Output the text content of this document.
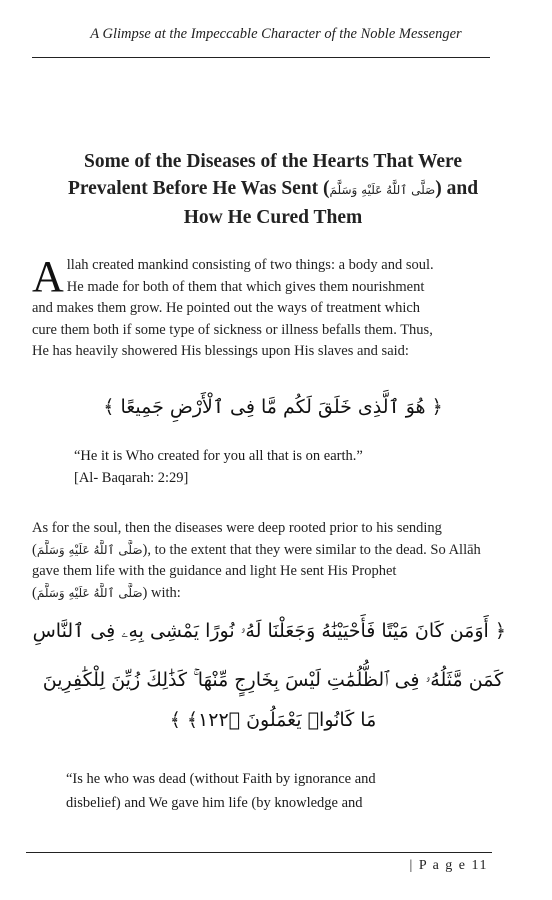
A Glimpse at the Impeccable Character of the Noble Messenger
Some of the Diseases of the Hearts That Were
Prevalent Before He Was Sent (صَلَّى ٱللَّهُ عَلَيْهِ وَسَلَّمَ) and
How He Cured Them
A llah created mankind consisting of two things: a body and soul.
He made for both of them that which gives them nourishment
and makes them grow. He pointed out the ways of treatment which
cure them both if some type of sickness or illness befalls them. Thus,
He has heavily showered His blessings upon His slaves and said:
﴿ هُوَ ٱلَّذِى خَلَقَ لَكُم مَّا فِى ٱلْأَرْضِ جَمِيعًا ﴾
“He it is Who created for you all that is on earth.”
[Al- Baqarah: 2:29]
As for the soul, then the diseases were deep rooted prior to his sending
(صَلَّى ٱللَّهُ عَلَيْهِ وَسَلَّمَ), to the extent that they were similar to the dead. So Allāh
gave them life with the guidance and light He sent His Prophet
(صَلَّى ٱللَّهُ عَلَيْهِ وَسَلَّمَ) with:
﴿ أَوَمَن كَانَ مَيْتًا فَأَحْيَيْنَٰهُ وَجَعَلْنَا لَهُۥ نُورًا يَمْشِى بِهِۦ فِى ٱلنَّاسِ
كَمَن مَّثَلُهُۥ فِى ٱلظُّلُمَٰتِ لَيْسَ بِخَارِجٍ مِّنْهَا ۚ كَذَٰلِكَ زُيِّنَ لِلْكَٰفِرِينَ
مَا كَانُوا۟ يَعْمَلُونَ ﴿١٢٢﴾ ﴾
“Is he who was dead (without Faith by ignorance and
disbelief) and We gave him life (by knowledge and
| P a g e 11
